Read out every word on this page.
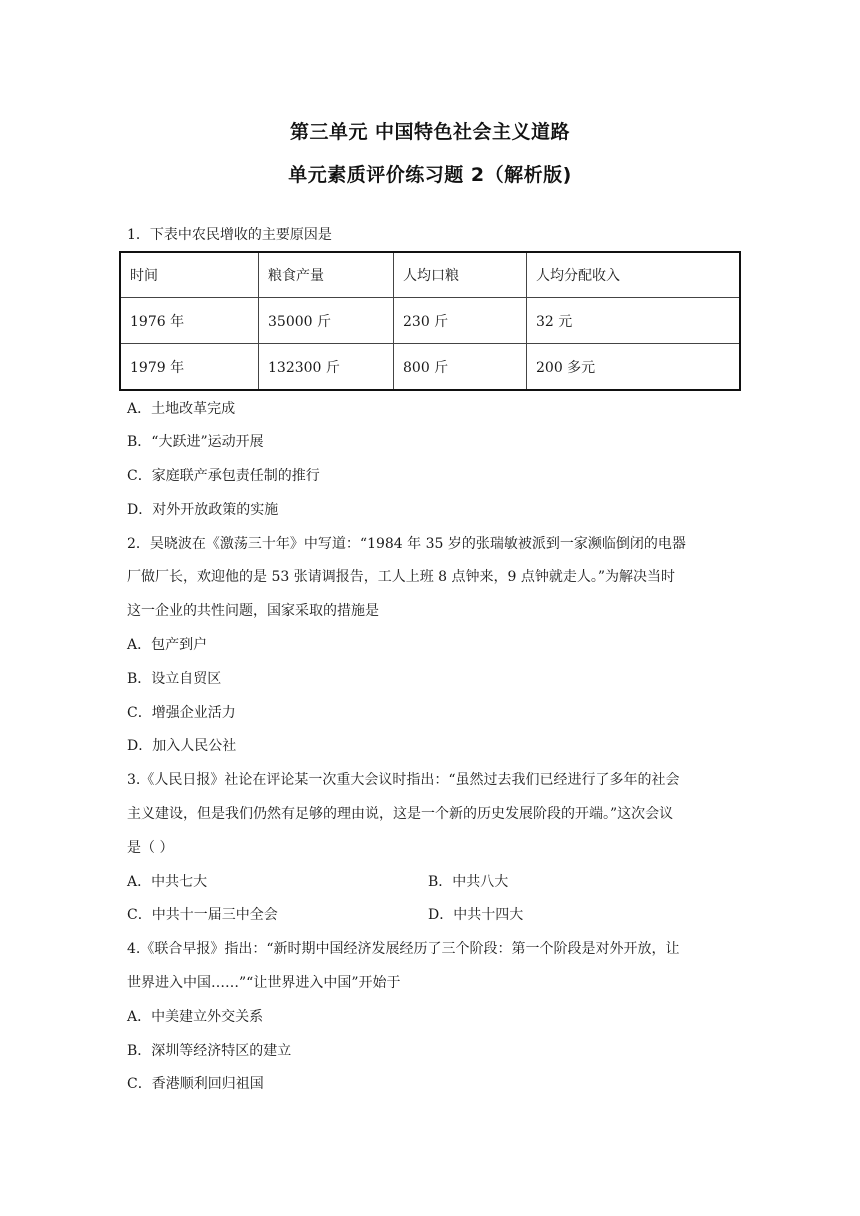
第三单元 中国特色社会主义道路
单元素质评价练习题 2（解析版)
1．下表中农民增收的主要原因是
时间	粮食产量	人均口粮	人均分配收入
1976 年	35000 斤	230 斤	32 元
1979 年	132300 斤	800 斤	200 多元
A．土地改革完成
B．“大跃进”运动开展
C．家庭联产承包责任制的推行
D．对外开放政策的实施
2．吴晓波在《激荡三十年》中写道：“1984 年 35 岁的张瑞敏被派到一家濒临倒闭的电器
厂做厂长，欢迎他的是 53 张请调报告，工人上班 8 点钟来，9 点钟就走人。”为解决当时
这一企业的共性问题，国家采取的措施是
A．包产到户
B．设立自贸区
C．增强企业活力
D．加入人民公社
3.《人民日报》社论在评论某一次重大会议时指出：“虽然过去我们已经进行了多年的社会
主义建设，但是我们仍然有足够的理由说，这是一个新的历史发展阶段的开端。”这次会议
是（ ）
A．中共七大	B．中共八大
C．中共十一届三中全会	D．中共十四大
4.《联合早报》指出：“新时期中国经济发展经历了三个阶段：第一个阶段是对外开放，让
世界进入中国……”“让世界进入中国”开始于
A．中美建立外交关系
B．深圳等经济特区的建立
C．香港顺利回归祖国
